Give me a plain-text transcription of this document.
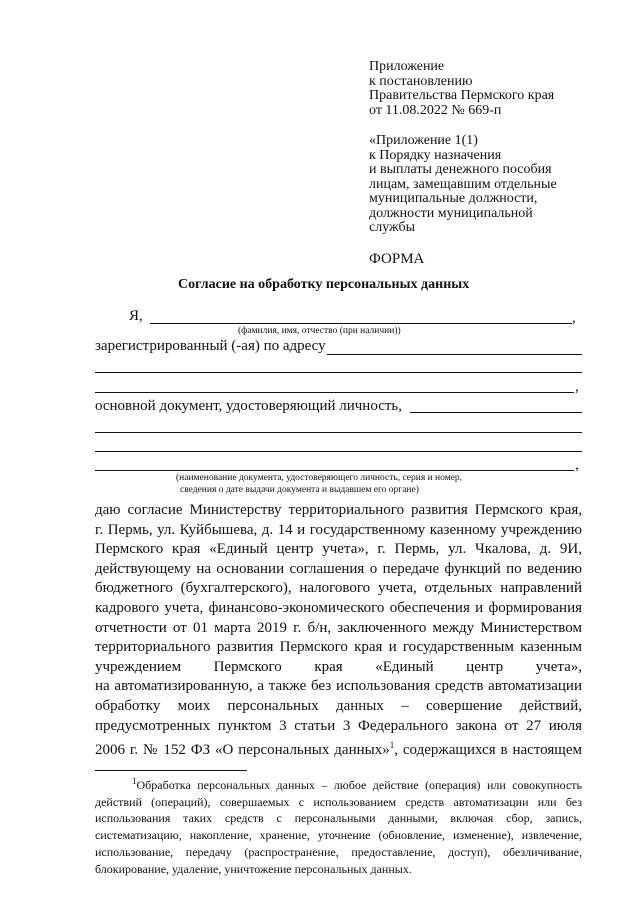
Приложение
к постановлению
Правительства Пермского края
от 11.08.2022 № 669-п
«Приложение 1(1)
к Порядку назначения
и выплаты денежного пособия
лицам, замещавшим отдельные
муниципальные должности,
должности муниципальной
службы
ФОРМА
Согласие на обработку персональных данных
Я,	,
(фамилия, имя, отчество (при наличии))
зарегистрированный (-ая) по адресу
,
основной документ, удостоверяющий личность,
,
(наименование документа, удостоверяющего личность, серия и номер,
сведения о дате выдачи документа и выдавшем его органе)
даю согласие Министерству территориального развития Пермского края,
г. Пермь, ул. Куйбышева, д. 14 и государственному казенному учреждению
Пермского края «Единый центр учета», г. Пермь, ул. Чкалова, д. 9И,
действующему на основании соглашения о передаче функций по ведению
бюджетного (бухгалтерского), налогового учета, отдельных направлений
кадрового учета, финансово-экономического обеспечения и формирования
отчетности от 01 марта 2019 г. б/н, заключенного между Министерством
территориального развития Пермского края и государственным казенным
учреждением Пермского края «Единый центр учета»,
на автоматизированную, а также без использования средств автоматизации
обработку моих персональных данных – совершение действий,
предусмотренных пунктом 3 статьи 3 Федерального закона от 27 июля
2006 г. № 152 ФЗ «О персональных данных»$^1$, содержащихся в настоящем
$^1$Обработка персональных данных – любое действие (операция) или совокупность действий (операций), совершаемых с использованием средств автоматизации или без использования таких средств с персональными данными, включая сбор, запись, систематизацию, накопление, хранение, уточнение (обновление, изменение), извлечение, использование, передачу (распространение, предоставление, доступ), обезличивание, блокирование, удаление, уничтожение персональных данных.
